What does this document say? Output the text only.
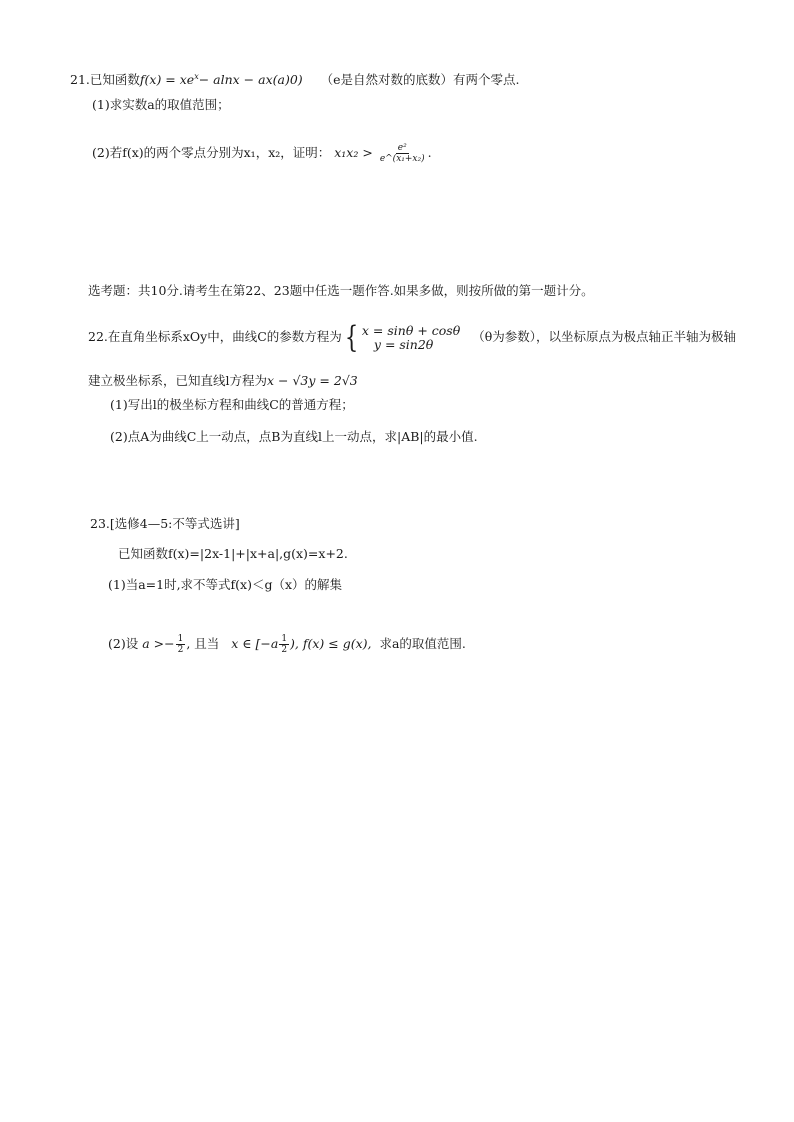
21.已知函数$f(x) = xe^x- alnx - ax(a)0$) （e是自然对数的底数）有两个零点.
(1)求实数a的取值范围；
(2)若f(x)的两个零点分别为x₁，x₂，证明： $x_1x_2 > \frac{\text{e²}}{\text{e\textasciicircum{}(x₁+x₂)}}$ .
选考题：共10分.请考生在第22、23题中任选一题作答.如果多做，则按所做的第一题计分。
22.在直角坐标系xOy中，曲线C的参数方程为 { x = sinθ + cosθ
y = sin2θ	（θ为参数），以坐标原点为极点轴正半轴为极轴
建立极坐标系，已知直线l方程为x − √3y = 2√3
(1)写出l的极坐标方程和曲线C的普通方程；
(2)点A为曲线C上一动点，点B为直线l上一动点，求|AB|的最小值.
23.[选修4—5:不等式选讲]
已知函数f(x)=|2x-1|+|x+a|,g(x)=x+2.
(1)当a=1时,求不等式f(x)＜g（x）的解集
(2)设 $a >- \frac{1}{2}$ , 且当 x ∈ [$-a \frac{1}{2}$ ), f(x) ≤ g(x), 求a的取值范围.
